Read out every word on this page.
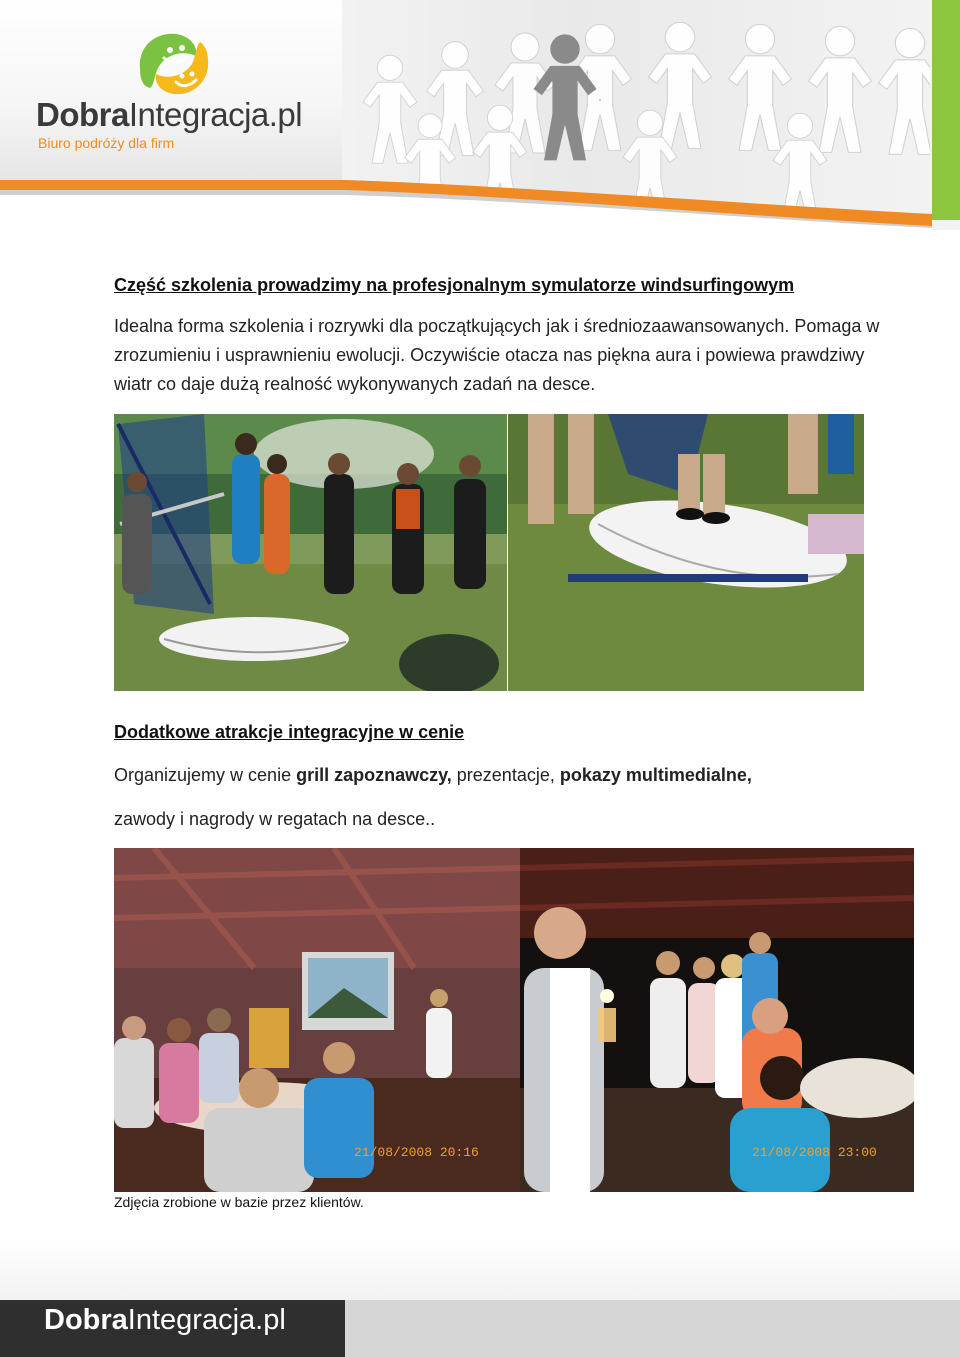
DobraIntegracja.pl

Biuro podróży dla firm

Część szkolenia prowadzimy na profesjonalnym symulatorze windsurfingowym

Idealna forma szkolenia i rozrywki dla początkujących jak i średniozaawansowanych. Pomaga w zrozumieniu i usprawnieniu ewolucji. Oczywiście otacza nas piękna aura i powiewa prawdziwy wiatr co daje dużą realność wykonywanych zadań na desce.

Dodatkowe atrakcje integracyjne w cenie

Organizujemy w cenie grill zapoznawczy, prezentacje, pokazy multimedialne,

zawody i nagrody w regatach na desce..

21/08/2008 20:16	21/08/2008 23:00

Zdjęcia zrobione w bazie przez klientów.

DobraIntegracja.pl
